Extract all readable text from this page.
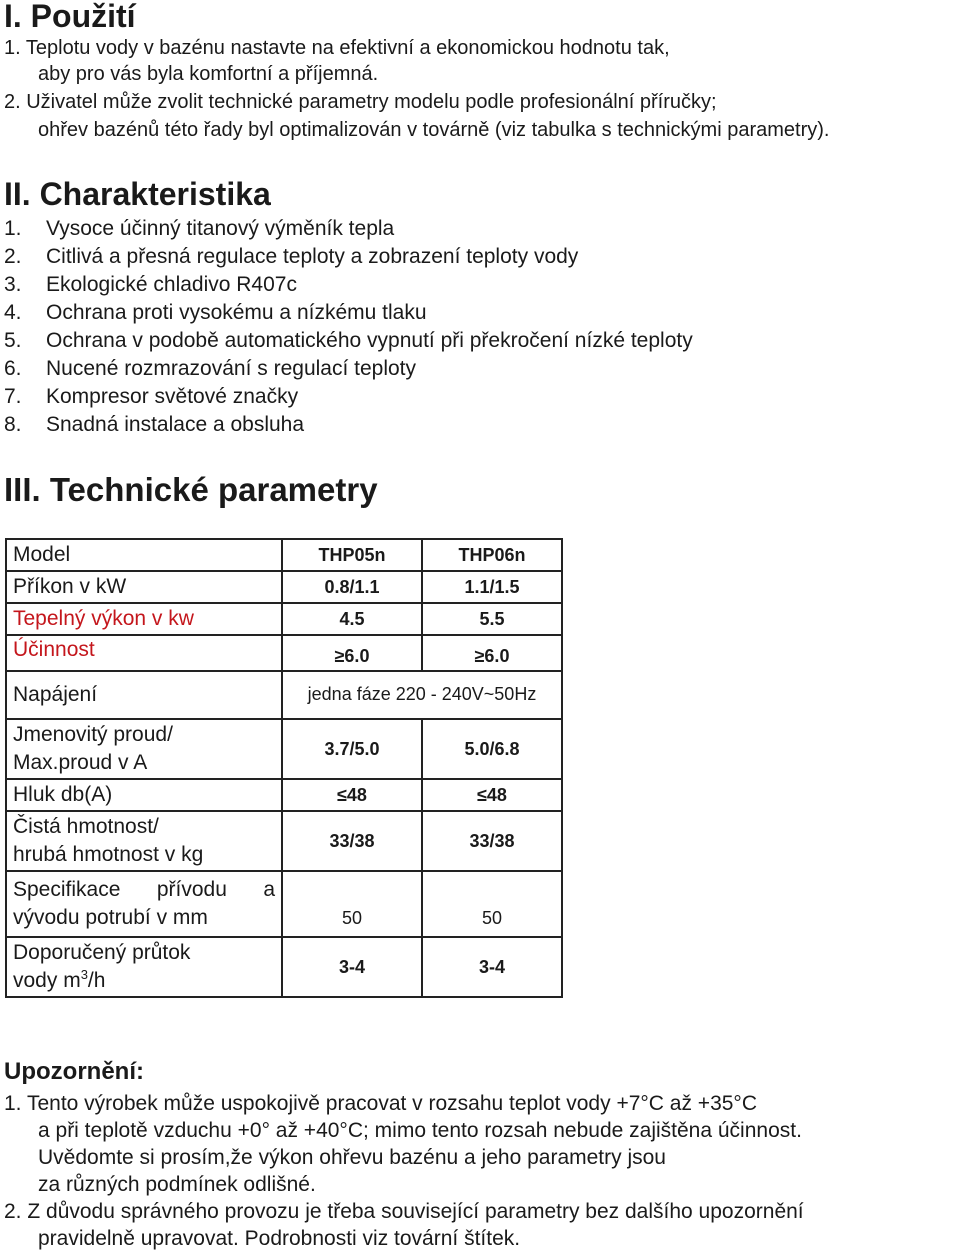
I. Použití
1. Teplotu vody v bazénu nastavte na efektivní a ekonomickou hodnotu tak,
aby pro vás byla komfortní a příjemná.
2. Uživatel může zvolit technické parametry modelu podle profesionální příručky;
ohřev bazénů této řady byl optimalizován v továrně (viz tabulka s technickými parametry).
II. Charakteristika
1. Vysoce účinný titanový výměník tepla
2. Citlivá a přesná regulace teploty a zobrazení teploty vody
3. Ekologické chladivo R407c
4. Ochrana proti vysokému a nízkému tlaku
5. Ochrana v podobě automatického vypnutí při překročení nízké teploty
6. Nucené rozmrazování s regulací teploty
7. Kompresor světové značky
8. Snadná instalace a obsluha
III. Technické parametry
Model	THP05n	THP06n
Příkon v kW	0.8/1.1	1.1/1.5
Tepelný výkon v kw	4.5	5.5
Účinnost	≥6.0	≥6.0
Napájení	jedna fáze 220 - 240V~50Hz	

Jmenovitý proud/
Max.proud v A	3.7/5.0	5.0/6.8
Hluk db(A)	≤48	≤48

Čistá hmotnost/
hrubá hmotnost v kg	33/38	33/38

Specifikace přívodu a
vývodu potrubí v mm	50	50

Doporučený průtok
vody $m^3/h$	3-4	3-4
Upozornění:
1. Tento výrobek může uspokojivě pracovat v rozsahu teplot vody +7°C až +35°C
a při teplotě vzduchu +0° až +40°C; mimo tento rozsah nebude zajištěna účinnost.
Uvědomte si prosím,že výkon ohřevu bazénu a jeho parametry jsou
za různých podmínek odlišné.
2. Z důvodu správného provozu je třeba související parametry bez dalšího upozornění
pravidelně upravovat. Podrobnosti viz tovární štítek.
